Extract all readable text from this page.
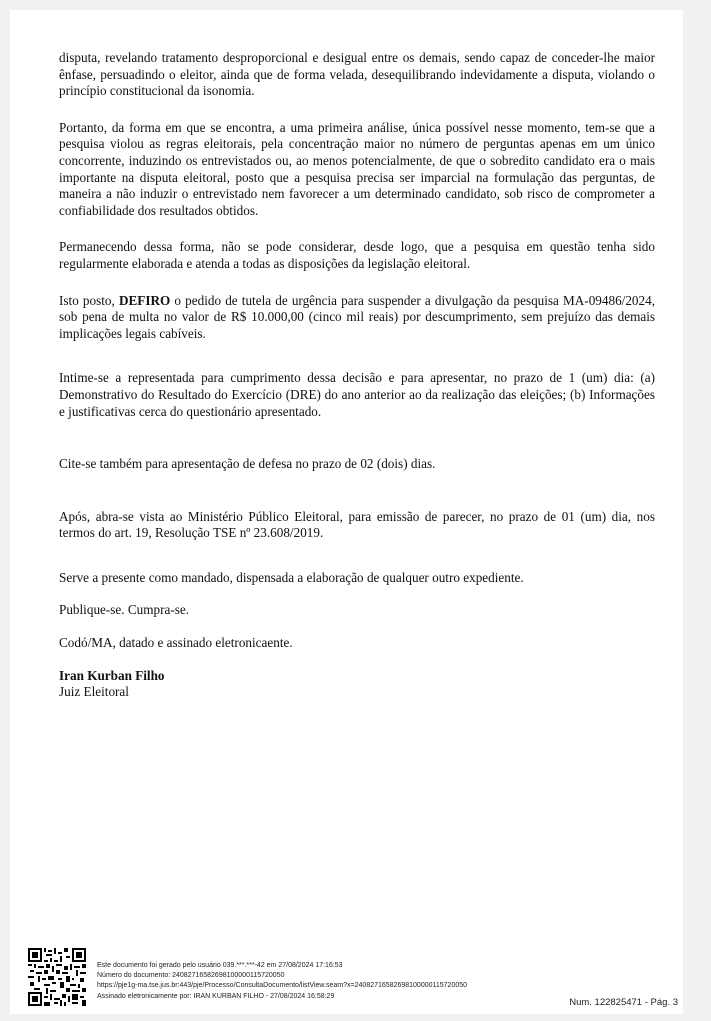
disputa, revelando tratamento desproporcional e desigual entre os demais, sendo capaz de conceder-lhe maior ênfase, persuadindo o eleitor, ainda que de forma velada, desequilibrando indevidamente a disputa, violando o princípio constitucional da isonomia.

Portanto, da forma em que se encontra, a uma primeira análise, única possível nesse momento, tem-se que a pesquisa violou as regras eleitorais, pela concentração maior no número de perguntas apenas em um único concorrente, induzindo os entrevistados ou, ao menos potencialmente, de que o sobredito candidato era o mais importante na disputa eleitoral, posto que a pesquisa precisa ser imparcial na formulação das perguntas, de maneira a não induzir o entrevistado nem favorecer a um determinado candidato, sob risco de comprometer a confiabilidade dos resultados obtidos.

Permanecendo dessa forma, não se pode considerar, desde logo, que a pesquisa em questão tenha sido regularmente elaborada e atenda a todas as disposições da legislação eleitoral.

Isto posto, DEFIRO o pedido de tutela de urgência para suspender a divulgação da pesquisa MA-09486/2024, sob pena de multa no valor de R$ 10.000,00 (cinco mil reais) por descumprimento, sem prejuízo das demais implicações legais cabíveis.

Intime-se a representada para cumprimento dessa decisão e para apresentar, no prazo de 1 (um) dia: (a) Demonstrativo do Resultado do Exercício (DRE) do ano anterior ao da realização das eleições; (b) Informações e justificativas cerca do questionário apresentado.

Cite-se também para apresentação de defesa no prazo de 02 (dois) dias.

Após, abra-se vista ao Ministério Público Eleitoral, para emissão de parecer, no prazo de 01 (um) dia, nos termos do art. 19, Resolução TSE nº 23.608/2019.

Serve a presente como mandado, dispensada a elaboração de qualquer outro expediente.

Publique-se. Cumpra-se.

Codó/MA, datado e assinado eletronicaente.

Iran Kurban Filho

Juiz Eleitoral

Este documento foi gerado pelo usuário 039.***.***-42 em 27/08/2024 17:16:53
Número do documento: 24082716582698100000115720050
https://pje1g-ma.tse.jus.br:443/pje/Processo/ConsultaDocumento/listView.seam?x=24082716582698100000115720050
Assinado eletronicamente por: IRAN KURBAN FILHO - 27/08/2024 16:58:29
Num. 122825471 - Pág. 3
